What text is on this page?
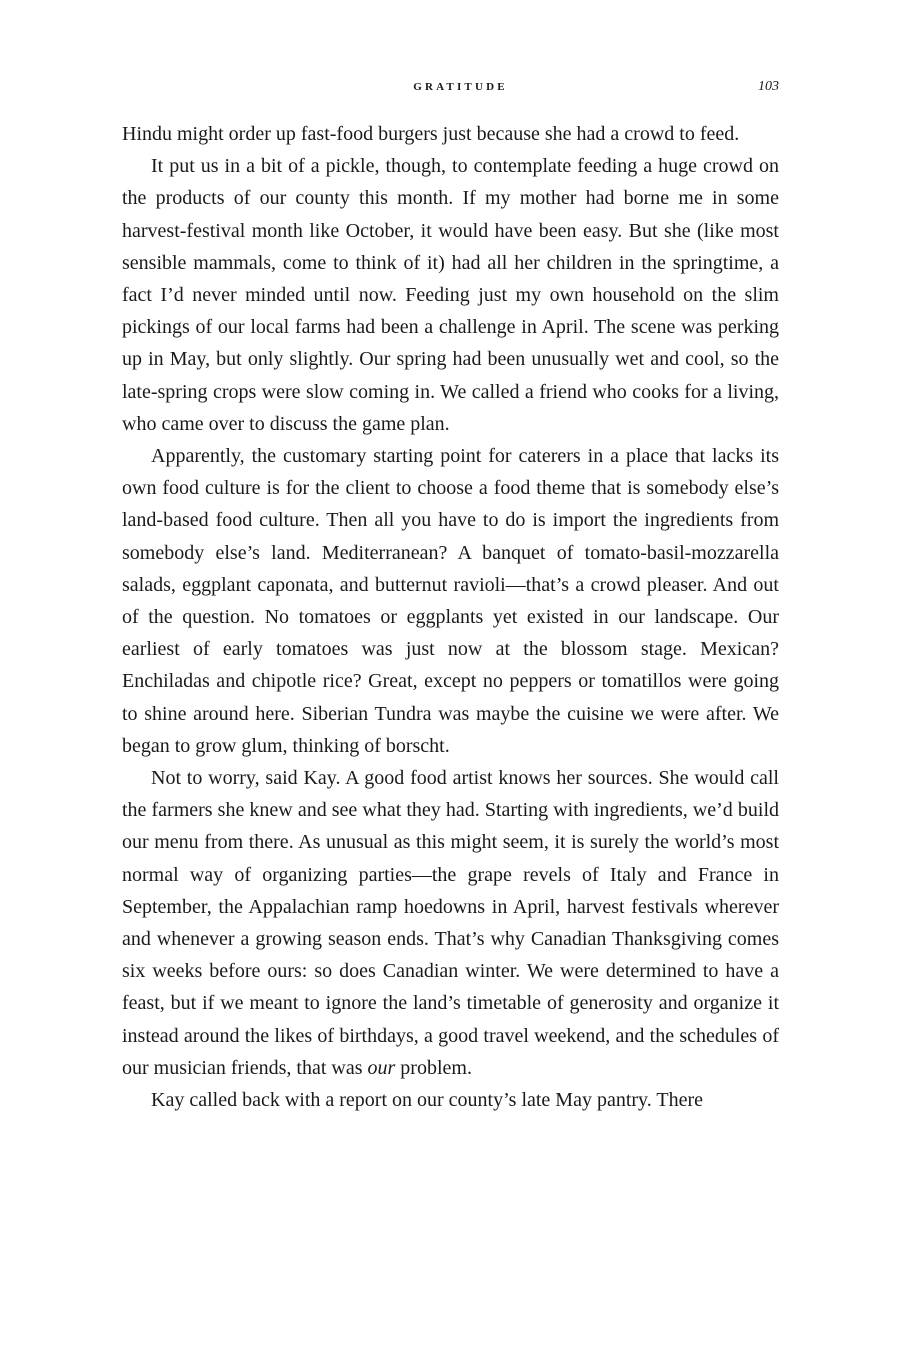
GRATITUDE	103

Hindu might order up fast-food burgers just because she had a crowd to feed.

It put us in a bit of a pickle, though, to contemplate feeding a huge crowd on the products of our county this month. If my mother had borne me in some harvest-festival month like October, it would have been easy. But she (like most sensible mammals, come to think of it) had all her children in the springtime, a fact I’d never minded until now. Feeding just my own household on the slim pickings of our local farms had been a challenge in April. The scene was perking up in May, but only slightly. Our spring had been unusually wet and cool, so the late-spring crops were slow coming in. We called a friend who cooks for a living, who came over to discuss the game plan.

Apparently, the customary starting point for caterers in a place that lacks its own food culture is for the client to choose a food theme that is somebody else’s land-based food culture. Then all you have to do is import the ingredients from somebody else’s land. Mediterranean? A banquet of tomato-basil-mozzarella salads, eggplant caponata, and butternut ravioli—that’s a crowd pleaser. And out of the question. No tomatoes or eggplants yet existed in our landscape. Our earliest of early tomatoes was just now at the blossom stage. Mexican? Enchiladas and chipotle rice? Great, except no peppers or tomatillos were going to shine around here. Siberian Tundra was maybe the cuisine we were after. We began to grow glum, thinking of borscht.

Not to worry, said Kay. A good food artist knows her sources. She would call the farmers she knew and see what they had. Starting with ingredients, we’d build our menu from there. As unusual as this might seem, it is surely the world’s most normal way of organizing parties—the grape revels of Italy and France in September, the Appalachian ramp hoedowns in April, harvest festivals wherever and whenever a growing season ends. That’s why Canadian Thanksgiving comes six weeks before ours: so does Canadian winter. We were determined to have a feast, but if we meant to ignore the land’s timetable of generosity and organize it instead around the likes of birthdays, a good travel weekend, and the schedules of our musician friends, that was our problem.

Kay called back with a report on our county’s late May pantry. There
